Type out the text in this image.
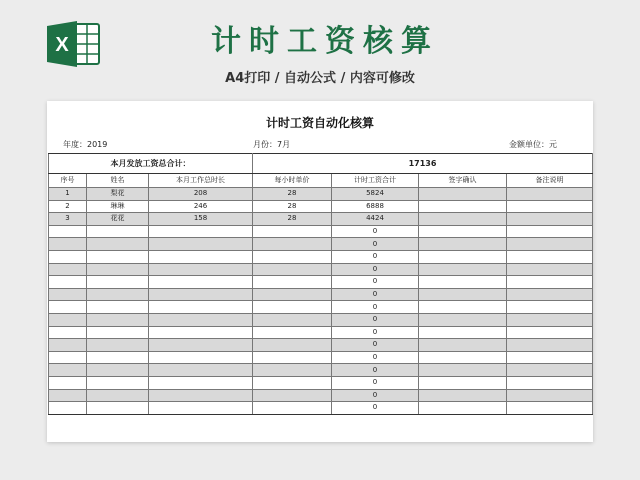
X	计时工资核算
A4打印 / 自动公式 / 内容可修改
计时工资自动化核算
年度：2019	月份：7月	金额单位：元
本月发放工资总合计：			17136			
序号	姓名	本月工作总时长	每小时单价	计时工资合计	签字确认	备注说明
1	梨花	208	28	5824		
2	琳琳	246	28	6888		
3	花花	158	28	4424		
				0		
				0		
				0		
				0		
				0		
				0		
				0		
				0		
				0		
				0		
				0		
				0		
				0		
				0		
				0		
